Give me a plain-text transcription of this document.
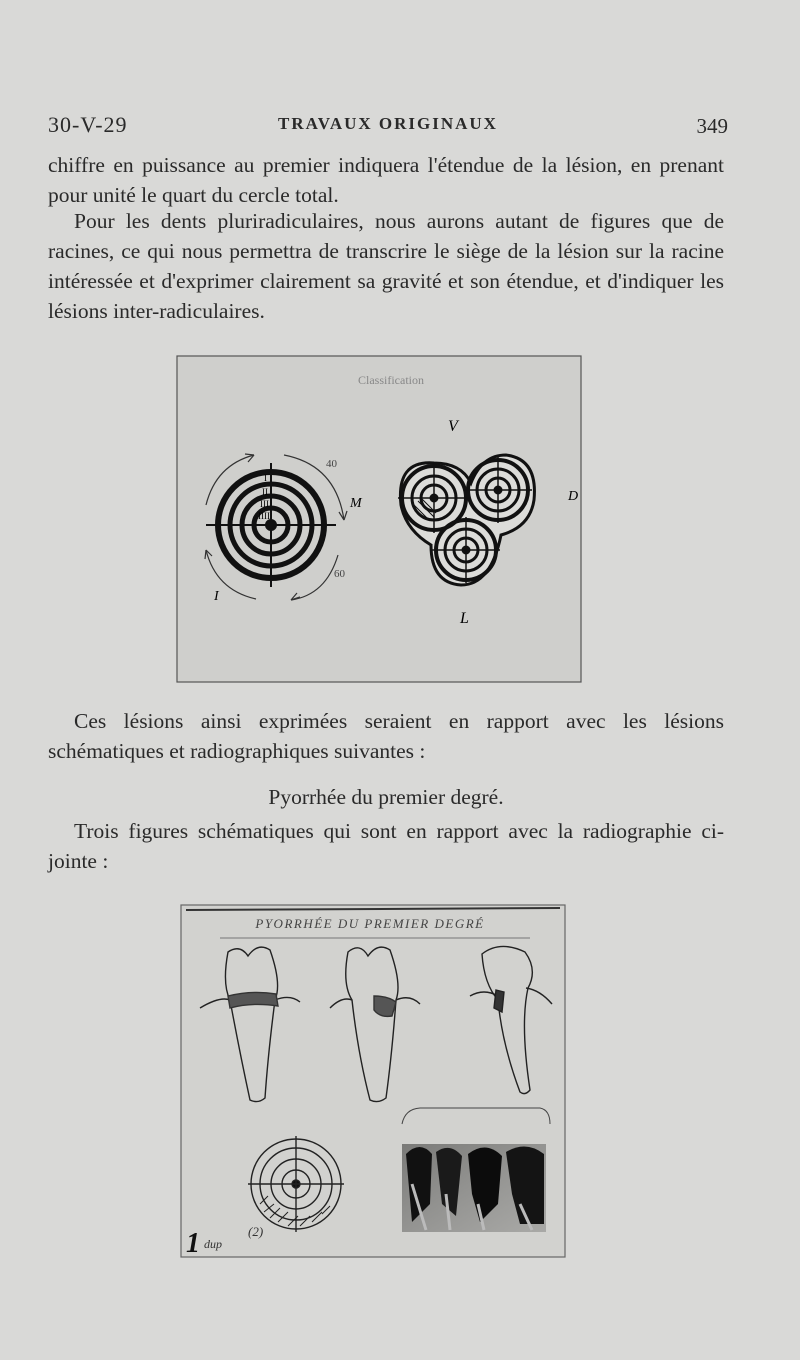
30-V-29	TRAVAUX ORIGINAUX	349
chiffre en puissance au premier indiquera l'étendue de la lésion, en prenant pour unité le quart du cercle total.
Pour les dents pluriradiculaires, nous aurons autant de figures que de racines, ce qui nous permettra de transcrire le siège de la lésion sur la racine intéressée et d'exprimer clairement sa gravité et son étendue, et d'indiquer les lésions inter-radiculaires.
Classification
I
II
III
IIII
40
60
I
M
V
D
L
Ces lésions ainsi exprimées seraient en rapport avec les lésions schématiques et radiographiques suivantes :
Pyorrhée du premier degré.
Trois figures schématiques qui sont en rapport avec la radiographie ci-jointe :
PYORRHÉE DU PREMIER DEGRÉ
1 dup
(2)
